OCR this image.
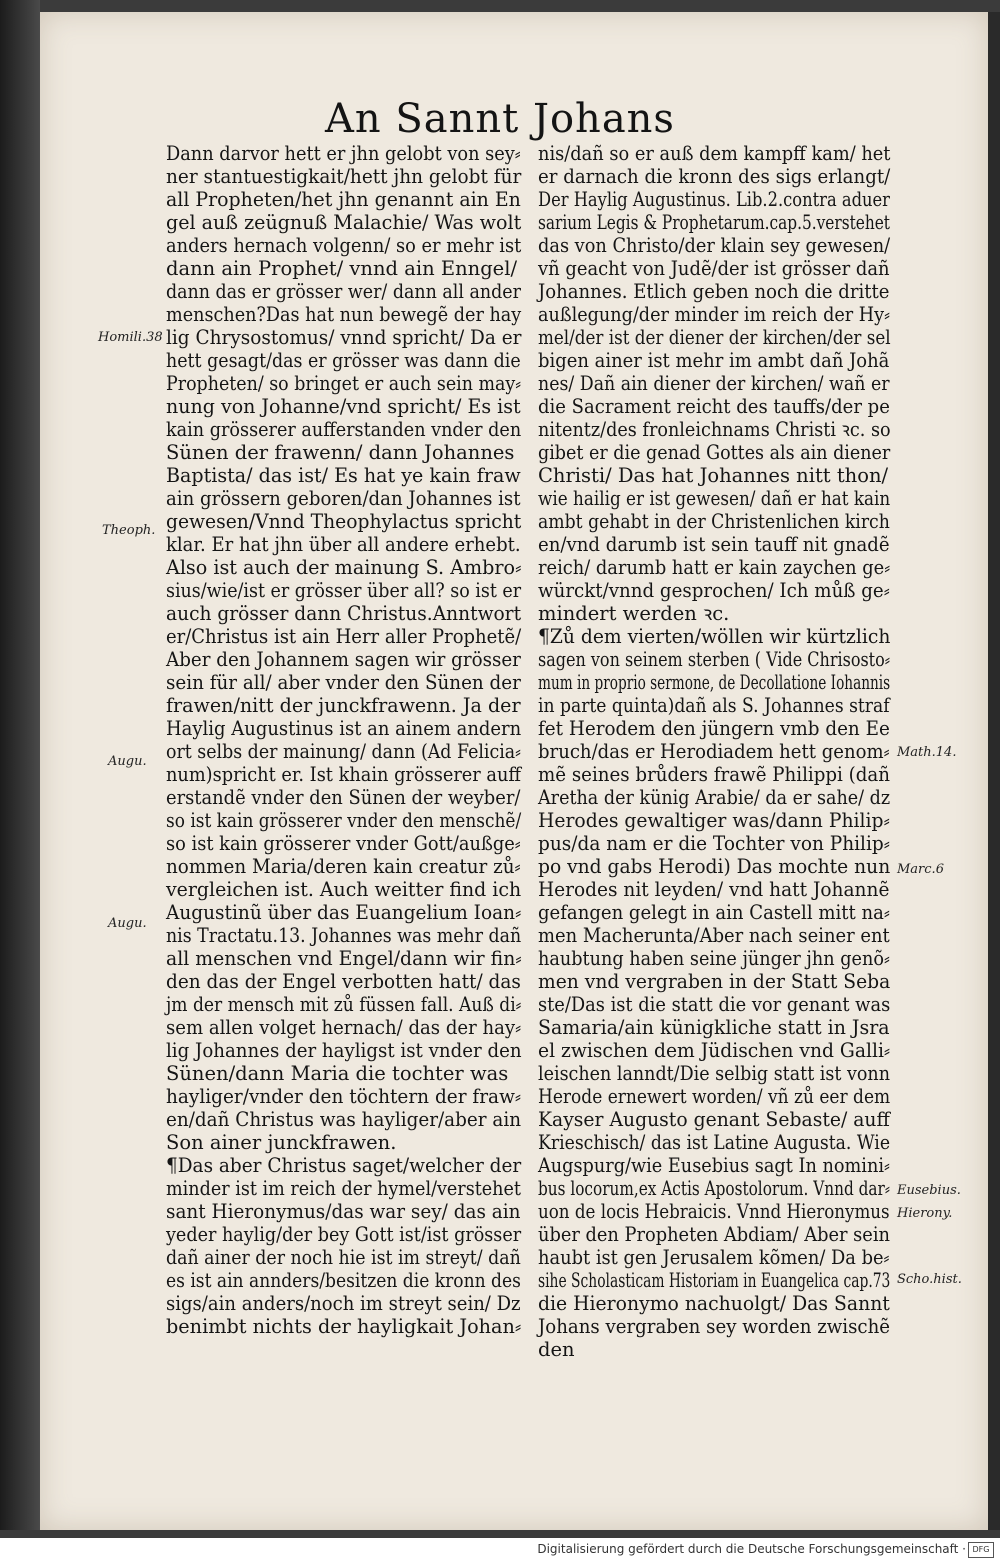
An Sannt Johans
Dann darvor hett er jhn gelobt von sey⸗
ner stantuestigkait/hett jhn gelobt für
all Propheten/het jhn genannt ain En
gel auß zeügnuß Malachie/ Was wolt
anders hernach volgenn/ so er mehr ist
dann ain Prophet/ vnnd ain Enngel/
dann das er grösser wer/ dann all ander
menschen?Das hat nun bewegẽ der hay
lig Chrysostomus/ vnnd spricht/ Da er
hett gesagt/das er grösser was dann die
Propheten/ so bringet er auch sein may⸗
nung von Johanne/vnd spricht/ Es ist
kain grösserer aufferstanden vnder den
Sünen der frawenn/ dann Johannes
Baptista/ das ist/ Es hat ye kain fraw
ain grössern geboren/dan Johannes ist
gewesen/Vnnd Theophylactus spricht
klar. Er hat jhn über all andere erhebt.
Also ist auch der mainung S. Ambro⸗
sius/wie/ist er grösser über all? so ist er
auch grösser dann Christus.Anntwort
er/Christus ist ain Herr aller Prophetẽ/
Aber den Johannem sagen wir grösser
sein für all/ aber vnder den Sünen der
frawen/nitt der junckfrawenn. Ja der
Haylig Augustinus ist an ainem andern
ort selbs der mainung/ dann (Ad Felicia⸗
num)spricht er. Ist khain grösserer auff
erstandẽ vnder den Sünen der weyber/
so ist kain grösserer vnder den menschẽ/
so ist kain grösserer vnder Gott/außge⸗
nommen Maria/deren kain creatur zů⸗
vergleichen ist. Auch weitter find ich
Augustinũ über das Euangelium Ioan⸗
nis Tractatu.13. Johannes was mehr dañ
all menschen vnd Engel/dann wir fin⸗
den das der Engel verbotten hatt/ das
jm der mensch mit zů füssen fall. Auß di⸗
sem allen volget hernach/ das der hay⸗
lig Johannes der hayligst ist vnder den
Sünen/dann Maria die tochter was
hayliger/vnder den töchtern der fraw⸗
en/dañ Christus was hayliger/aber ain
Son ainer junckfrawen.
¶Das aber Christus saget/welcher der
minder ist im reich der hymel/verstehet
sant Hieronymus/das war sey/ das ain
yeder haylig/der bey Gott ist/ist grösser
dañ ainer der noch hie ist im streyt/ dañ
es ist ain annders/besitzen die kronn des
sigs/ain anders/noch im streyt sein/ Dz
benimbt nichts der hayligkait Johan⸗
nis/dañ so er auß dem kampff kam/ het
er darnach die kronn des sigs erlangt/
Der Haylig Augustinus. Lib.2.contra aduer
sarium Legis & Prophetarum.cap.5.verstehet
das von Christo/der klain sey gewesen/
vñ geacht von Judẽ/der ist grösser dañ
Johannes. Etlich geben noch die dritte
außlegung/der minder im reich der Hy⸗
mel/der ist der diener der kirchen/der sel
bigen ainer ist mehr im ambt dañ Johã
nes/ Dañ ain diener der kirchen/ wañ er
die Sacrament reicht des tauffs/der pe
nitentz/des fronleichnams Christi ꝛc. so
gibet er die genad Gottes als ain diener
Christi/ Das hat Johannes nitt thon/
wie hailig er ist gewesen/ dañ er hat kain
ambt gehabt in der Christenlichen kirch
en/vnd darumb ist sein tauff nit gnadẽ
reich/ darumb hatt er kain zaychen ge⸗
würckt/vnnd gesprochen/ Ich můß ge⸗
mindert werden ꝛc.
¶Zů dem vierten/wöllen wir kürtzlich
sagen von seinem sterben ( Vide Chrisosto⸗
mum in proprio sermone, de Decollatione Iohannis
in parte quinta)dañ als S. Johannes straf
fet Herodem den jüngern vmb den Ee
bruch/das er Herodiadem hett genom⸗
mẽ seines brůders frawẽ Philippi (dañ
Aretha der künig Arabie/ da er sahe/ dz
Herodes gewaltiger was/dann Philip⸗
pus/da nam er die Tochter von Philip⸗
po vnd gabs Herodi) Das mochte nun
Herodes nit leyden/ vnd hatt Johannẽ
gefangen gelegt in ain Castell mitt na⸗
men Macherunta/Aber nach seiner ent
haubtung haben seine jünger jhn genõ⸗
men vnd vergraben in der Statt Seba
ste/Das ist die statt die vor genant was
Samaria/ain künigkliche statt in Jsra
el zwischen dem Jüdischen vnd Galli⸗
leischen lanndt/Die selbig statt ist vonn
Herode ernewert worden/ vñ zů eer dem
Kayser Augusto genant Sebaste/ auff
Krieschisch/ das ist Latine Augusta. Wie
Augspurg/wie Eusebius sagt In nomini⸗
bus locorum,ex Actis Apostolorum. Vnnd dar⸗
uon de locis Hebraicis. Vnnd Hieronymus
über den Propheten Abdiam/ Aber sein
haubt ist gen Jerusalem kõmen/ Da be⸗
sihe Scholasticam Historiam in Euangelica cap.73
die Hieronymo nachuolgt/ Das Sannt
Johans vergraben sey worden zwischẽ
den
Homili.38
Theoph.
Augu.
Augu.
Math.14.
Marc.6
Eusebius.
Hierony.
Scho.hist.
Digitalisierung gefördert durch die Deutsche Forschungsgemeinschaft · DFG
